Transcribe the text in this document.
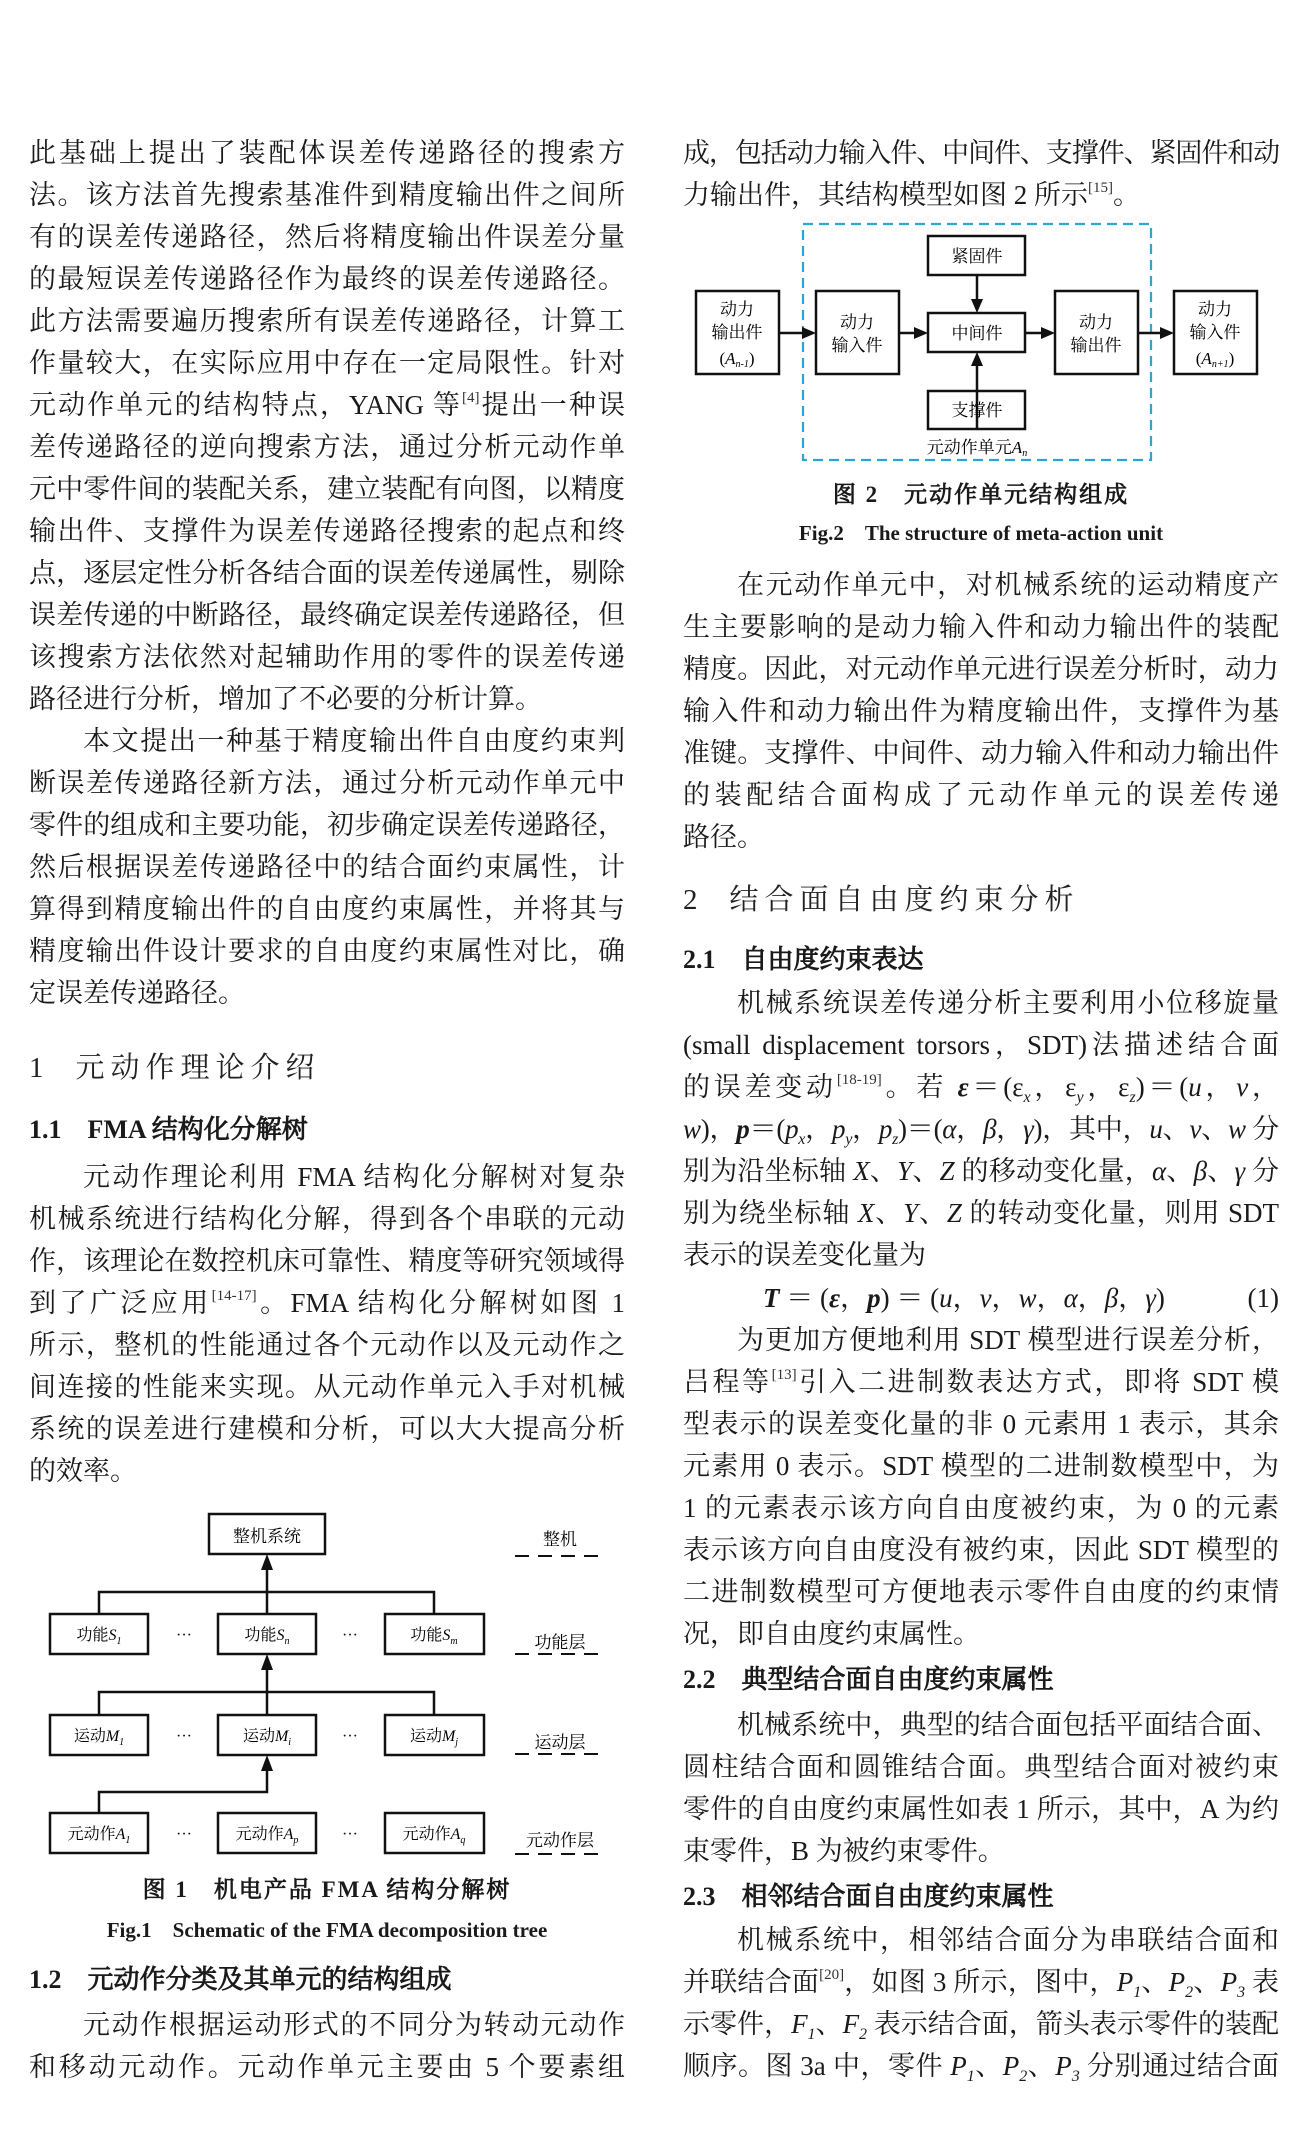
此基础上提出了装配体误差传递路径的搜索方
法。该方法首先搜索基准件到精度输出件之间所
有的误差传递路径，然后将精度输出件误差分量
的最短误差传递路径作为最终的误差传递路径。
此方法需要遍历搜索所有误差传递路径，计算工
作量较大，在实际应用中存在一定局限性。针对
元动作单元的结构特点，YANG 等[4]提出一种误
差传递路径的逆向搜索方法，通过分析元动作单
元中零件间的装配关系，建立装配有向图，以精度
输出件、支撑件为误差传递路径搜索的起点和终
点，逐层定性分析各结合面的误差传递属性，剔除
误差传递的中断路径，最终确定误差传递路径，但
该搜索方法依然对起辅助作用的零件的误差传递
路径进行分析，增加了不必要的分析计算。
本文提出一种基于精度输出件自由度约束判
断误差传递路径新方法，通过分析元动作单元中
零件的组成和主要功能，初步确定误差传递路径，
然后根据误差传递路径中的结合面约束属性，计
算得到精度输出件的自由度约束属性，并将其与
精度输出件设计要求的自由度约束属性对比，确
定误差传递路径。
1 元动作理论介绍
1.1 FMA 结构化分解树
元动作理论利用 FMA 结构化分解树对复杂
机械系统进行结构化分解，得到各个串联的元动
作，该理论在数控机床可靠性、精度等研究领域得
到了广泛应用[14-17]。FMA 结构化分解树如图 1
所示，整机的性能通过各个元动作以及元动作之
间连接的性能来实现。从元动作单元入手对机械
系统的误差进行建模和分析，可以大大提高分析
的效率。
整机系统
功能$S_1$	功能$S_n$	功能$S_m$
运动$M_1$	运动$M_i$	运动$M_j$
元动作$A_1$	元动作$A_p$	元动作$A_q$
···	···
···	···
···	···
整机
功能层
运动层
元动作层
图 1　机电产品 FMA 结构分解树
Fig.1　Schematic of the FMA decomposition tree
1.2 元动作分类及其单元的结构组成
元动作根据运动形式的不同分为转动元动作
和移动元动作。元动作单元主要由 5 个要素组
成，包括动力输入件、中间件、支撑件、紧固件和动
力输出件，其结构模型如图 2 所示[15]。
动力
输出件
(An-1)
动力
输入件
紧固件
中间件
支撑件
动力
输出件
动力
输入件
(An+1)
元动作单元An
图 2　元动作单元结构组成
Fig.2　The structure of meta-action unit
在元动作单元中，对机械系统的运动精度产
生主要影响的是动力输入件和动力输出件的装配
精度。因此，对元动作单元进行误差分析时，动力
输入件和动力输出件为精度输出件，支撑件为基
准键。支撑件、中间件、动力输入件和动力输出件
的装配结合面构成了元动作单元的误差传递
路径。
2 结合面自由度约束分析
2.1 自由度约束表达
机械系统误差传递分析主要利用小位移旋量
(small displacement torsors，SDT)法描述结合面
的误差变动[18-19]。若 $\varepsilon=(\varepsilon_x$，$\varepsilon_y$，$\varepsilon_z)=(u$，v，
w)，$p=(p_x$，$p_y$，$p_z)=(\alpha$，β，γ)，其中，u、v、w 分
别为沿坐标轴 X、Y、Z 的移动变化量，α、β、γ 分
别为绕坐标轴 X、Y、Z 的转动变化量，则用 SDT
表示的误差变化量为
T ＝ (ε，p) ＝ (u，v，w，α，β，γ)	(1)
为更加方便地利用 SDT 模型进行误差分析，
吕程等[13]引入二进制数表达方式，即将 SDT 模
型表示的误差变化量的非 0 元素用 1 表示，其余
元素用 0 表示。SDT 模型的二进制数模型中，为
1 的元素表示该方向自由度被约束，为 0 的元素
表示该方向自由度没有被约束，因此 SDT 模型的
二进制数模型可方便地表示零件自由度的约束情
况，即自由度约束属性。
2.2 典型结合面自由度约束属性
机械系统中，典型的结合面包括平面结合面、
圆柱结合面和圆锥结合面。典型结合面对被约束
零件的自由度约束属性如表 1 所示，其中，A 为约
束零件，B 为被约束零件。
2.3 相邻结合面自由度约束属性
机械系统中，相邻结合面分为串联结合面和
并联结合面[20]，如图 3 所示，图中，$P_1$、$P_2$、$P_3$ 表
示零件，$F_1$、$F_2$ 表示结合面，箭头表示零件的装配
顺序。图 3a 中，零件 $P_1$、$P_2$、$P_3$ 分别通过结合面
